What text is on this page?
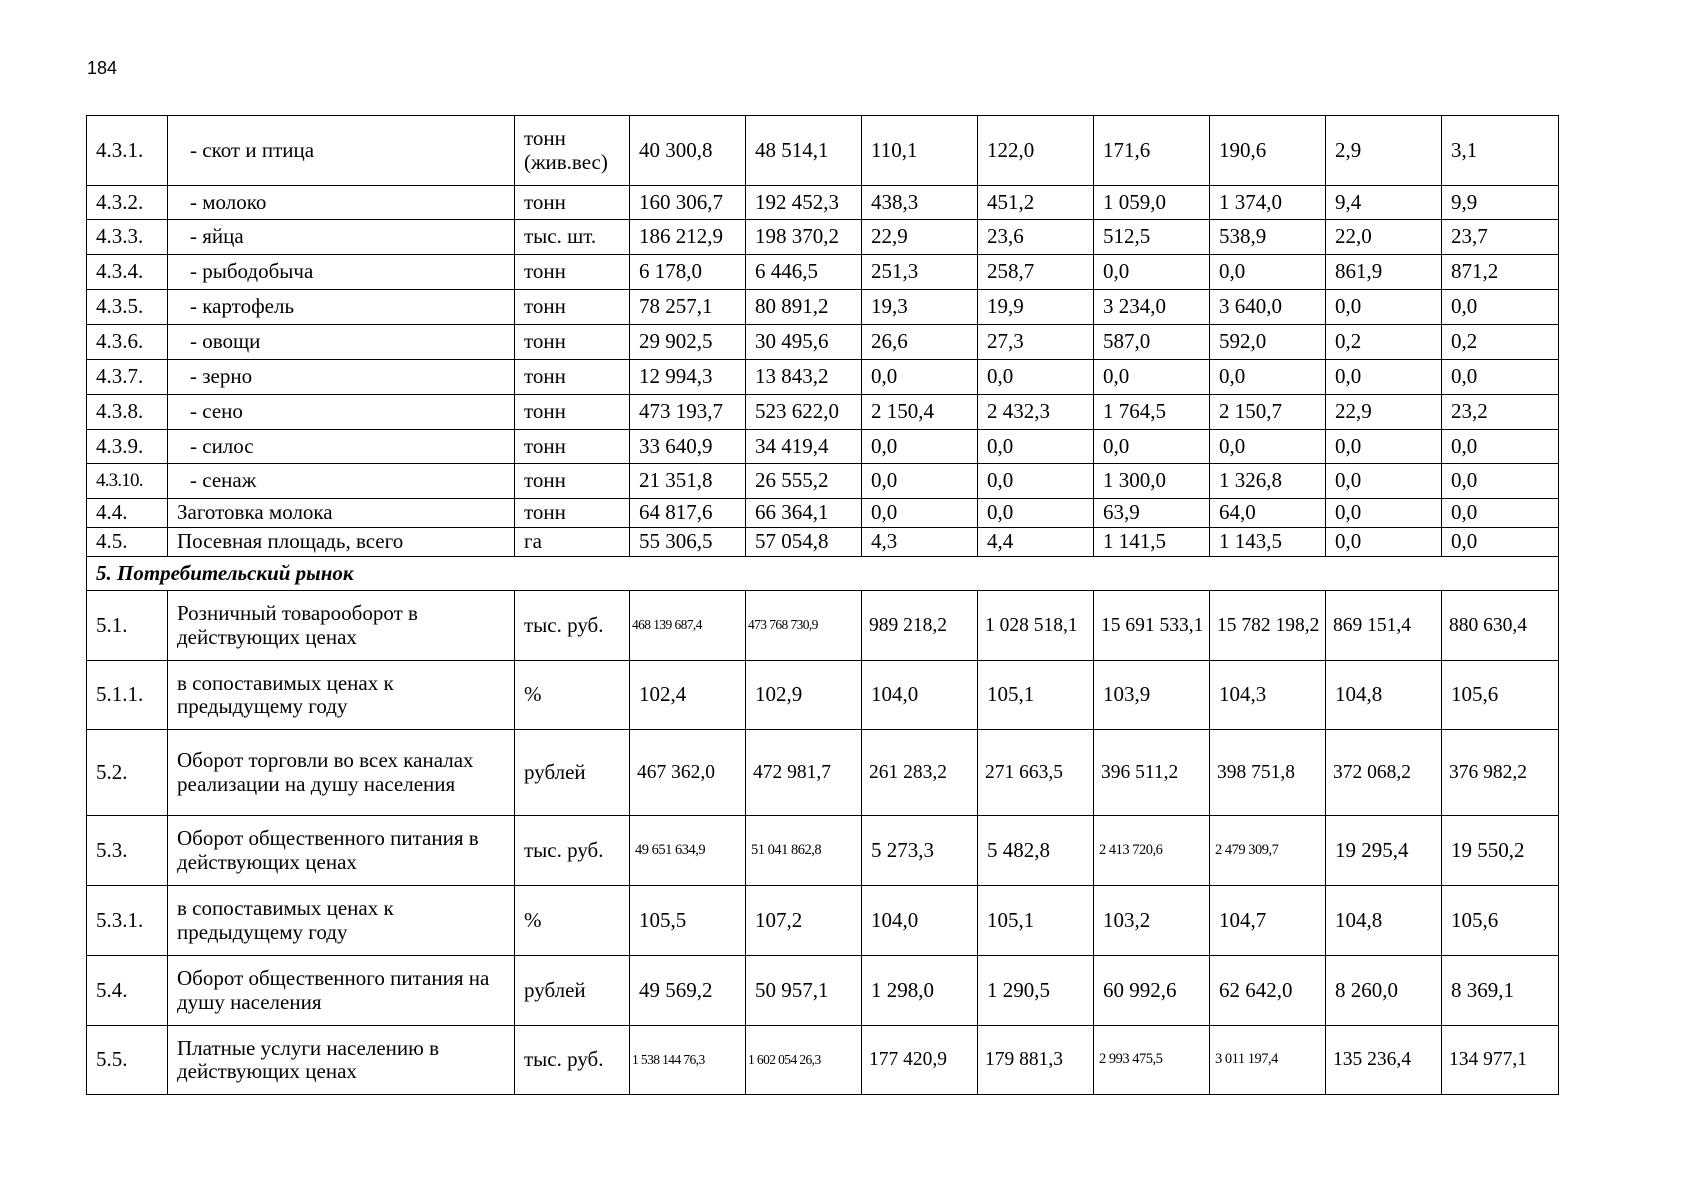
184
4.3.1.	- скот и птица	тонн (жив.вес)	40 300,8	48 514,1	110,1	122,0	171,6	190,6	2,9	3,1
4.3.2.	- молоко	тонн	160 306,7	192 452,3	438,3	451,2	1 059,0	1 374,0	9,4	9,9
4.3.3.	- яйца	тыс. шт.	186 212,9	198 370,2	22,9	23,6	512,5	538,9	22,0	23,7
4.3.4.	- рыбодобыча	тонн	6 178,0	6 446,5	251,3	258,7	0,0	0,0	861,9	871,2
4.3.5.	- картофель	тонн	78 257,1	80 891,2	19,3	19,9	3 234,0	3 640,0	0,0	0,0
4.3.6.	- овощи	тонн	29 902,5	30 495,6	26,6	27,3	587,0	592,0	0,2	0,2
4.3.7.	- зерно	тонн	12 994,3	13 843,2	0,0	0,0	0,0	0,0	0,0	0,0
4.3.8.	- сено	тонн	473 193,7	523 622,0	2 150,4	2 432,3	1 764,5	2 150,7	22,9	23,2
4.3.9.	- силос	тонн	33 640,9	34 419,4	0,0	0,0	0,0	0,0	0,0	0,0
4.3.10.	- сенаж	тонн	21 351,8	26 555,2	0,0	0,0	1 300,0	1 326,8	0,0	0,0
4.4.	Заготовка молока	тонн	64 817,6	66 364,1	0,0	0,0	63,9	64,0	0,0	0,0
4.5.	Посевная площадь, всего	га	55 306,5	57 054,8	4,3	4,4	1 141,5	1 143,5	0,0	0,0
5. Потребительский рынок										
5.1.	Розничный товарооборот в действующих ценах	тыс. руб.	468 139 687,4	473 768 730,9	989 218,2	1 028 518,1	15 691 533,1	15 782 198,2	869 151,4	880 630,4
5.1.1.	в сопоставимых ценах к предыдущему году	%	102,4	102,9	104,0	105,1	103,9	104,3	104,8	105,6
5.2.	Оборот торговли во всех каналах реализации на душу населения	рублей	467 362,0	472 981,7	261 283,2	271 663,5	396 511,2	398 751,8	372 068,2	376 982,2
5.3.	Оборот общественного питания в действующих ценах	тыс. руб.	49 651 634,9	51 041 862,8	5 273,3	5 482,8	2 413 720,6	2 479 309,7	19 295,4	19 550,2
5.3.1.	в сопоставимых ценах к предыдущему году	%	105,5	107,2	104,0	105,1	103,2	104,7	104,8	105,6
5.4.	Оборот общественного питания на душу населения	рублей	49 569,2	50 957,1	1 298,0	1 290,5	60 992,6	62 642,0	8 260,0	8 369,1
5.5.	Платные услуги населению в действующих ценах	тыс. руб.	1 538 144 76,3	1 602 054 26,3	177 420,9	179 881,3	2 993 475,5	3 011 197,4	135 236,4	134 977,1
